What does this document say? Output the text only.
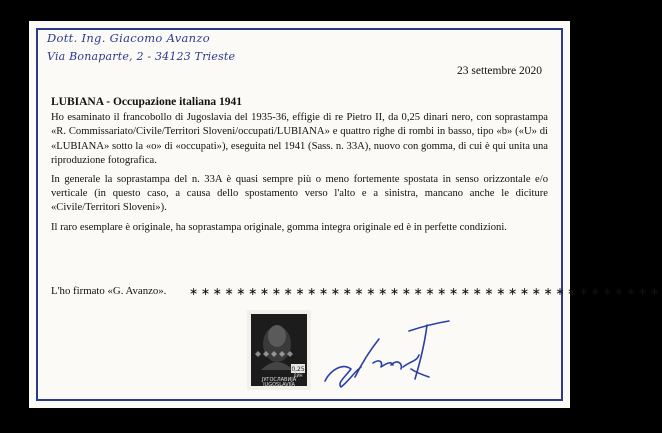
Dott. Ing. Giacomo Avanzo
Via Bonaparte, 2 - 34123 Trieste
23 settembre 2020
LUBIANA - Occupazione italiana 1941

Ho esaminato il francobollo di Jugoslavia del 1935-36, effigie di re Pietro II, da 0,25 dinari nero, con soprastampa «R. Commissariato/Civile/Territori Sloveni/occupati/LUBIANA» e quattro righe di rombi in basso, tipo «b» («U» di «LUBIANA» sotto la «o» di «occupati»), eseguita nel 1941 (Sass. n. 33A), nuovo con gomma, di cui è qui unita una riproduzione fotografica.

In generale la soprastampa del n. 33A è quasi sempre più o meno fortemente spostata in senso orizzontale e/o verticale (in questo caso, a causa dello spostamento verso l'alto e a sinistra, mancano anche le diciture «Civile/Territori Sloveni»).

Il raro esemplare è originale, ha soprastampa originale, gomma integra originale ed è in perfette condizioni.

L'ho firmato «G. Avanzo». ∗∗∗∗∗∗∗∗∗∗∗∗∗∗∗∗∗∗∗∗∗∗∗∗∗∗∗∗∗∗∗∗∗∗∗∗∗∗∗∗
0,25
ДИН
ЈУГОСЛАВИЈА
JUGOSLAVIJA
